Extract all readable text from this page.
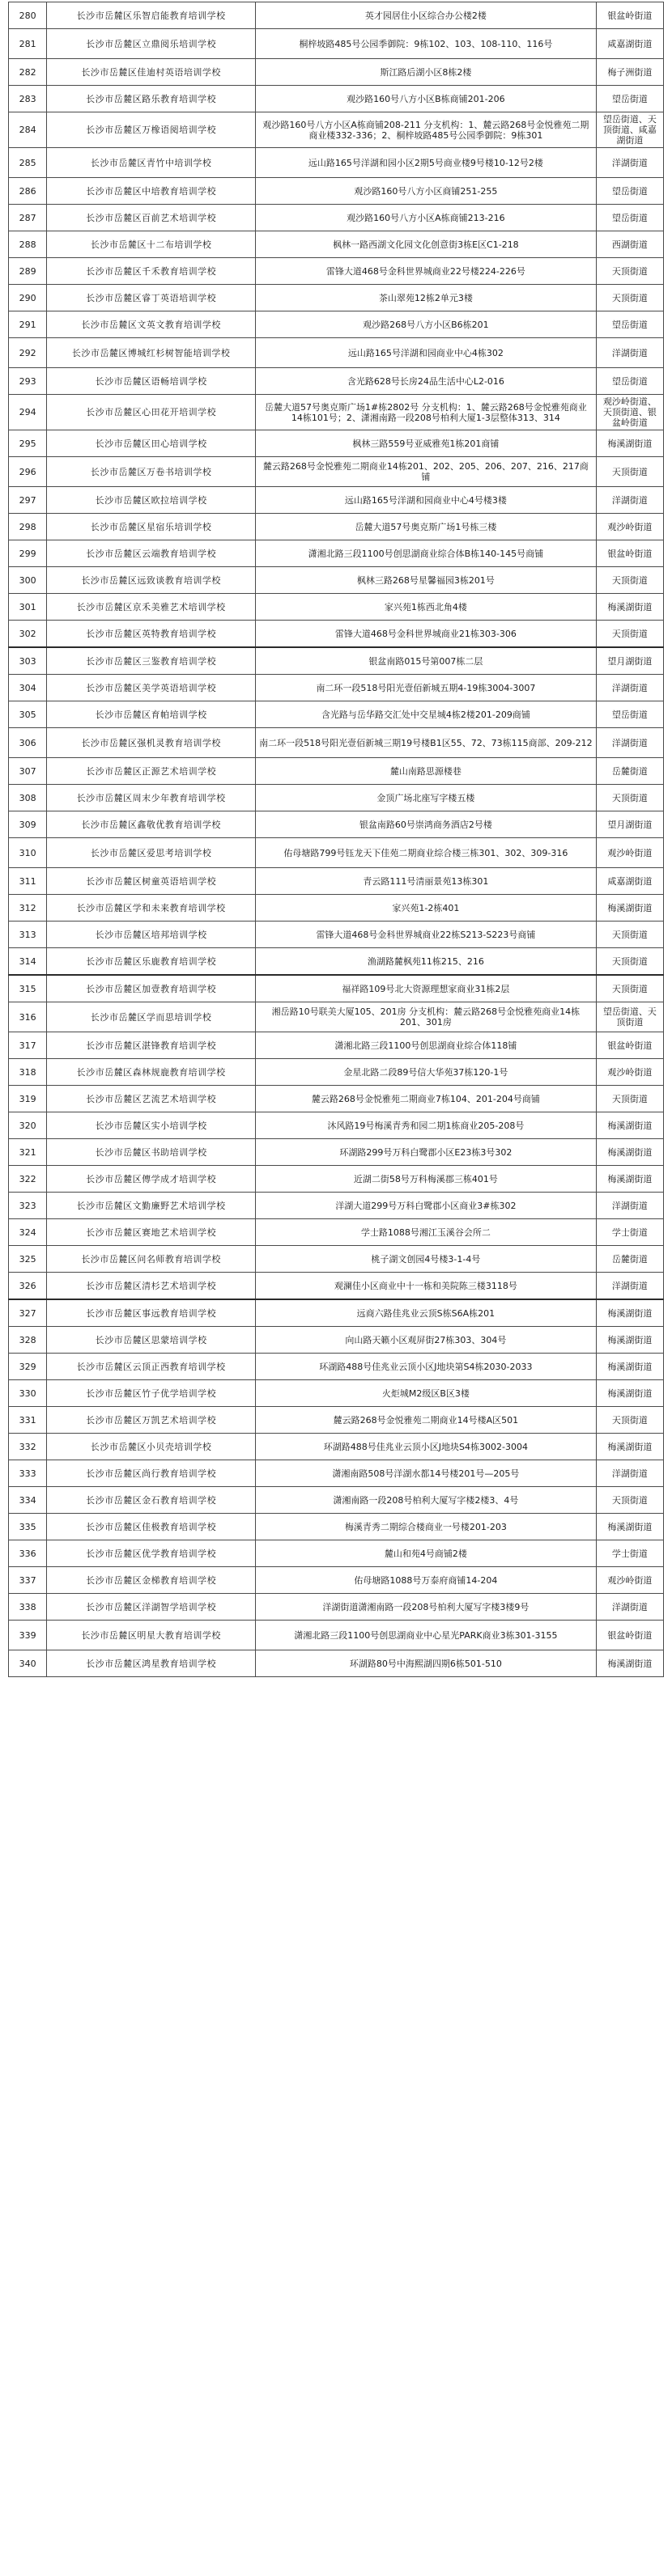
280	长沙市岳麓区乐智启能教育培训学校	英才园居住小区综合办公楼2楼	银盆岭街道
281	长沙市岳麓区立鼎阅乐培训学校	桐梓坡路485号公园季御院：9栋102、103、108-110、116号	咸嘉湖街道
282	长沙市岳麓区佳迪村英语培训学校	斯江路后湖小区8栋2楼	梅子洲街道
283	长沙市岳麓区路乐教育培训学校	观沙路160号八方小区B栋商铺201-206	望岳街道
284	长沙市岳麓区万橡语阅培训学校	观沙路160号八方小区A栋商铺208-211 分支机构：1、麓云路268号金悦雅苑二期商业楼332-336；2、桐梓坡路485号公园季御院：9栋301	望岳街道、天顶街道、咸嘉湖街道
285	长沙市岳麓区青竹中培训学校	远山路165号洋湖和园小区2期5号商业楼9号楼10-12号2楼	洋湖街道
286	长沙市岳麓区中培教育培训学校	观沙路160号八方小区商铺251-255	望岳街道
287	长沙市岳麓区百前艺术培训学校	观沙路160号八方小区A栋商铺213-216	望岳街道
288	长沙市岳麓区十二布培训学校	枫林一路西湖文化园文化创意街3栋E区C1-218	西湖街道
289	长沙市岳麓区千禾教育培训学校	雷锋大道468号金科世界城商业22号楼224-226号	天顶街道
290	长沙市岳麓区睿丁英语培训学校	茶山翠苑12栋2单元3楼	天顶街道
291	长沙市岳麓区文英文教育培训学校	观沙路268号八方小区B6栋201	望岳街道
292	长沙市岳麓区博城红杉树智能培训学校	远山路165号洋湖和园商业中心4栋302	洋湖街道
293	长沙市岳麓区语畅培训学校	含光路628号长房24品生活中心L2-016	望岳街道
294	长沙市岳麓区心田花开培训学校	岳麓大道57号奥克斯广场1#栋2802号 分支机构：1、麓云路268号金悦雅苑商业14栋101号；2、潇湘南路一段208号柏利大厦1-3层整体313、314	观沙岭街道、天顶街道、银盆岭街道
295	长沙市岳麓区田心培训学校	枫林三路559号亚威雅苑1栋201商铺	梅溪湖街道
296	长沙市岳麓区万卷书培训学校	麓云路268号金悦雅苑二期商业14栋201、202、205、206、207、216、217商铺	天顶街道
297	长沙市岳麓区欧拉培训学校	远山路165号洋湖和园商业中心4号楼3楼	洋湖街道
298	长沙市岳麓区星宿乐培训学校	岳麓大道57号奥克斯广场1号栋三楼	观沙岭街道
299	长沙市岳麓区云端教育培训学校	潇湘北路三段1100号创思湖商业综合体B栋140-145号商铺	银盆岭街道
300	长沙市岳麓区远致谈教育培训学校	枫林三路268号星馨福园3栋201号	天顶街道
301	长沙市岳麓区京禾美雅艺术培训学校	家兴苑1栋西北角4楼	梅溪湖街道
302	长沙市岳麓区英特教育培训学校	雷锋大道468号金科世界城商业21栋303-306	天顶街道
303	长沙市岳麓区三鉴教育培训学校	银盆南路015号第007栋二层	望月湖街道
304	长沙市岳麓区美学英语培训学校	南二环一段518号阳光壹佰新城五期4-19栋3004-3007	洋湖街道
305	长沙市岳麓区育帕培训学校	含光路与岳华路交汇处中交星城4栋2楼201-209商铺	望岳街道
306	长沙市岳麓区强机灵教育培训学校	南二环一段518号阳光壹佰新城三期19号楼B1区55、72、73栋115商部、209-212	洋湖街道
307	长沙市岳麓区正源艺术培训学校	麓山南路思源楼巷	岳麓街道
308	长沙市岳麓区周末少年教育培训学校	金顶广场北座写字楼五楼	天顶街道
309	长沙市岳麓区鑫敬优教育培训学校	银盆南路60号崇鸿商务酒店2号楼	望月湖街道
310	长沙市岳麓区爱思考培训学校	佑母塘路799号钰龙天下佳苑二期商业综合楼三栋301、302、309-316	观沙岭街道
311	长沙市岳麓区树童英语培训学校	青云路111号清丽景苑13栋301	咸嘉湖街道
312	长沙市岳麓区学和未来教育培训学校	家兴苑1-2栋401	梅溪湖街道
313	长沙市岳麓区培邦培训学校	雷锋大道468号金科世界城商业22栋S213-S223号商铺	天顶街道
314	长沙市岳麓区乐鹿教育培训学校	渔湖路麓枫苑11栋215、216	天顶街道
315	长沙市岳麓区加壹教育培训学校	福祥路109号北大资源理想家商业31栋2层	天顶街道
316	长沙市岳麓区学而思培训学校	湘岳路10号联美大厦105、201房 分支机构：麓云路268号金悦雅苑商业14栋201、301房	望岳街道、天顶街道
317	长沙市岳麓区湛锋教育培训学校	潇湘北路三段1100号创思湖商业综合体118铺	银盆岭街道
318	长沙市岳麓区森林规鹿教育培训学校	金星北路二段89号信大华苑37栋120-1号	观沙岭街道
319	长沙市岳麓区艺流艺术培训学校	麓云路268号金悦雅苑二期商业7栋104、201-204号商铺	天顶街道
320	长沙市岳麓区实小培训学校	沐风路19号梅溪青秀和园二期1栋商业205-208号	梅溪湖街道
321	长沙市岳麓区书助培训学校	环湖路299号万科白鹭郡小区E23栋3号302	梅溪湖街道
322	长沙市岳麓区傳学成才培训学校	近湖二街58号万科梅溪郡三栋401号	梅溪湖街道
323	长沙市岳麓区文勤廉野艺术培训学校	洋湖大道299号万科白鹭郡小区商业3#栋302	洋湖街道
324	长沙市岳麓区赛地艺术培训学校	学士路1088号湘江玉溪谷会所二	学士街道
325	长沙市岳麓区问名师教育培训学校	桃子湖文创园4号楼3-1-4号	岳麓街道
326	长沙市岳麓区清杉艺术培训学校	观澜佳小区商业中十一栋和美院陈三楼3118号	洋湖街道
327	长沙市岳麓区事远教育培训学校	远商六路佳兆业云顶S栋S6A栋201	梅溪湖街道
328	长沙市岳麓区思蒙培训学校	向山路天籁小区观屏街27栋303、304号	梅溪湖街道
329	长沙市岳麓区云顶正西教育培训学校	环湖路488号佳兆业云顶小区J地块第S4栋2030-2033	梅溪湖街道
330	长沙市岳麓区竹子优学培训学校	火炬城M2级区B区3楼	梅溪湖街道
331	长沙市岳麓区万凯艺术培训学校	麓云路268号金悦雅苑二期商业14号楼A区501	天顶街道
332	长沙市岳麓区小贝壳培训学校	环湖路488号佳兆业云顶小区J地块S4栋3002-3004	梅溪湖街道
333	长沙市岳麓区尚行教育培训学校	潇湘南路508号洋湖水都14号楼201号—205号	洋湖街道
334	长沙市岳麓区金石教育培训学校	潇湘南路一段208号柏利大厦写字楼2楼3、4号	天顶街道
335	长沙市岳麓区佳极教育培训学校	梅溪青秀二期综合楼商业一号楼201-203	梅溪湖街道
336	长沙市岳麓区优学教育培训学校	麓山和苑4号商铺2楼	学士街道
337	长沙市岳麓区金梯教育培训学校	佑母塘路1088号万泰府商铺14-204	观沙岭街道
338	长沙市岳麓区洋湖智学培训学校	洋湖街道潇湘南路一段208号柏利大厦写字楼3楼9号	洋湖街道
339	长沙市岳麓区明星大教育培训学校	潇湘北路三段1100号创思湖商业中心星光PARK商业3栋301-3155	银盆岭街道
340	长沙市岳麓区鸿星教育培训学校	环湖路80号中海熙湖四期6栋501-510	梅溪湖街道
